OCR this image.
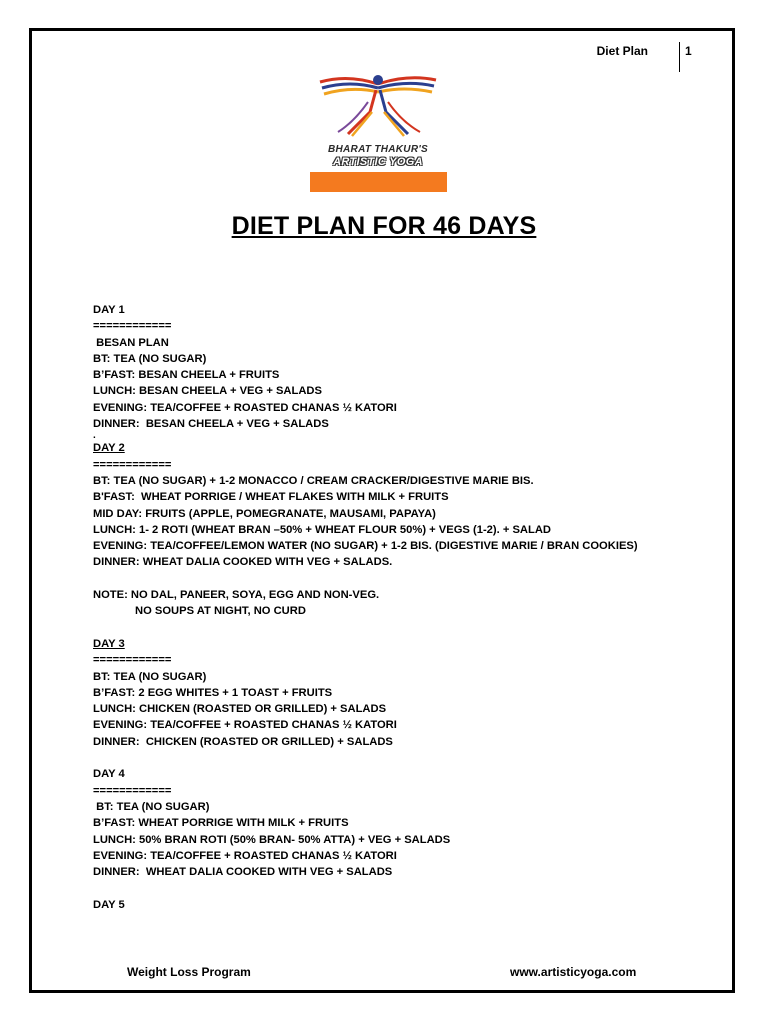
Diet Plan	1
BHARAT THAKUR'S
ARTISTIC YOGA
DIET PLAN FOR 46 DAYS
DAY 1
============
BESAN PLAN
BT: TEA (NO SUGAR)
B’FAST: BESAN CHEELA + FRUITS
LUNCH: BESAN CHEELA + VEG + SALADS
EVENING: TEA/COFFEE + ROASTED CHANAS ½ KATORI
DINNER:  BESAN CHEELA + VEG + SALADS
.
DAY 2
============
BT: TEA (NO SUGAR) + 1-2 MONACCO / CREAM CRACKER/DIGESTIVE MARIE BIS.
B'FAST:  WHEAT PORRIGE / WHEAT FLAKES WITH MILK + FRUITS
MID DAY: FRUITS (APPLE, POMEGRANATE, MAUSAMI, PAPAYA)
LUNCH: 1- 2 ROTI (WHEAT BRAN –50% + WHEAT FLOUR 50%) + VEGS (1-2). + SALAD
EVENING: TEA/COFFEE/LEMON WATER (NO SUGAR) + 1-2 BIS. (DIGESTIVE MARIE / BRAN COOKIES)
DINNER: WHEAT DALIA COOKED WITH VEG + SALADS.
NOTE: NO DAL, PANEER, SOYA, EGG AND NON-VEG.
NO SOUPS AT NIGHT, NO CURD
DAY 3
============
BT: TEA (NO SUGAR)
B’FAST: 2 EGG WHITES + 1 TOAST + FRUITS
LUNCH: CHICKEN (ROASTED OR GRILLED) + SALADS
EVENING: TEA/COFFEE + ROASTED CHANAS ½ KATORI
DINNER:  CHICKEN (ROASTED OR GRILLED) + SALADS
DAY 4
============
BT: TEA (NO SUGAR)
B’FAST: WHEAT PORRIGE WITH MILK + FRUITS
LUNCH: 50% BRAN ROTI (50% BRAN- 50% ATTA) + VEG + SALADS
EVENING: TEA/COFFEE + ROASTED CHANAS ½ KATORI
DINNER:  WHEAT DALIA COOKED WITH VEG + SALADS
DAY 5
Weight Loss Program	www.artisticyoga.com
